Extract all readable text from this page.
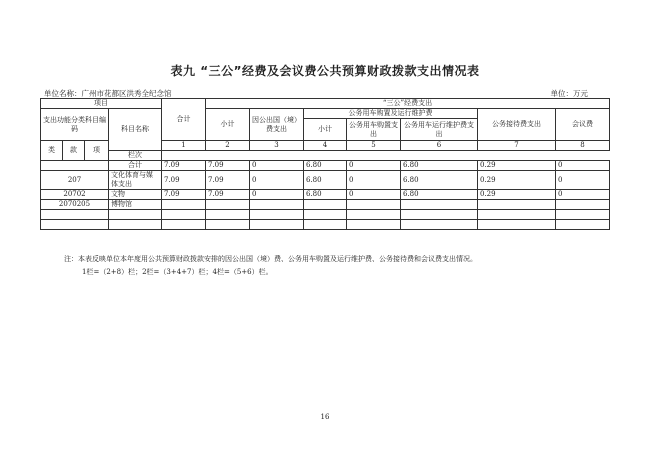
表九 “三公”经费及会议费公共预算财政拨款支出情况表
单位名称：广州市花都区洪秀全纪念馆	单位：万元
项目				合计	“三公”经费支出						
支出功能分类科目编码			科目名称		小计	因公出国（境）费支出	公务用车购置及运行维护费			公务接待费支出	会议费
							小计	公务用车购置支出	公务用车运行维护费支出		
类	款	项		1	2	3	4	5	6	7	8
			栏次								
			合计	7.09	7.09	0	6.80	0	6.80	0.29	0
207			文化体育与媒体支出	7.09	7.09	0	6.80	0	6.80	0.29	0
20702			文物	7.09	7.09	0	6.80	0	6.80	0.29	0
2070205			博物馆								

注：本表反映单位本年度用公共预算财政拨款安排的因公出国（境）费、公务用车购置及运行维护费、公务接待费和会议费支出情况。
1栏=（2+8）栏；2栏=（3+4+7）栏；4栏=（5+6）栏。
16
